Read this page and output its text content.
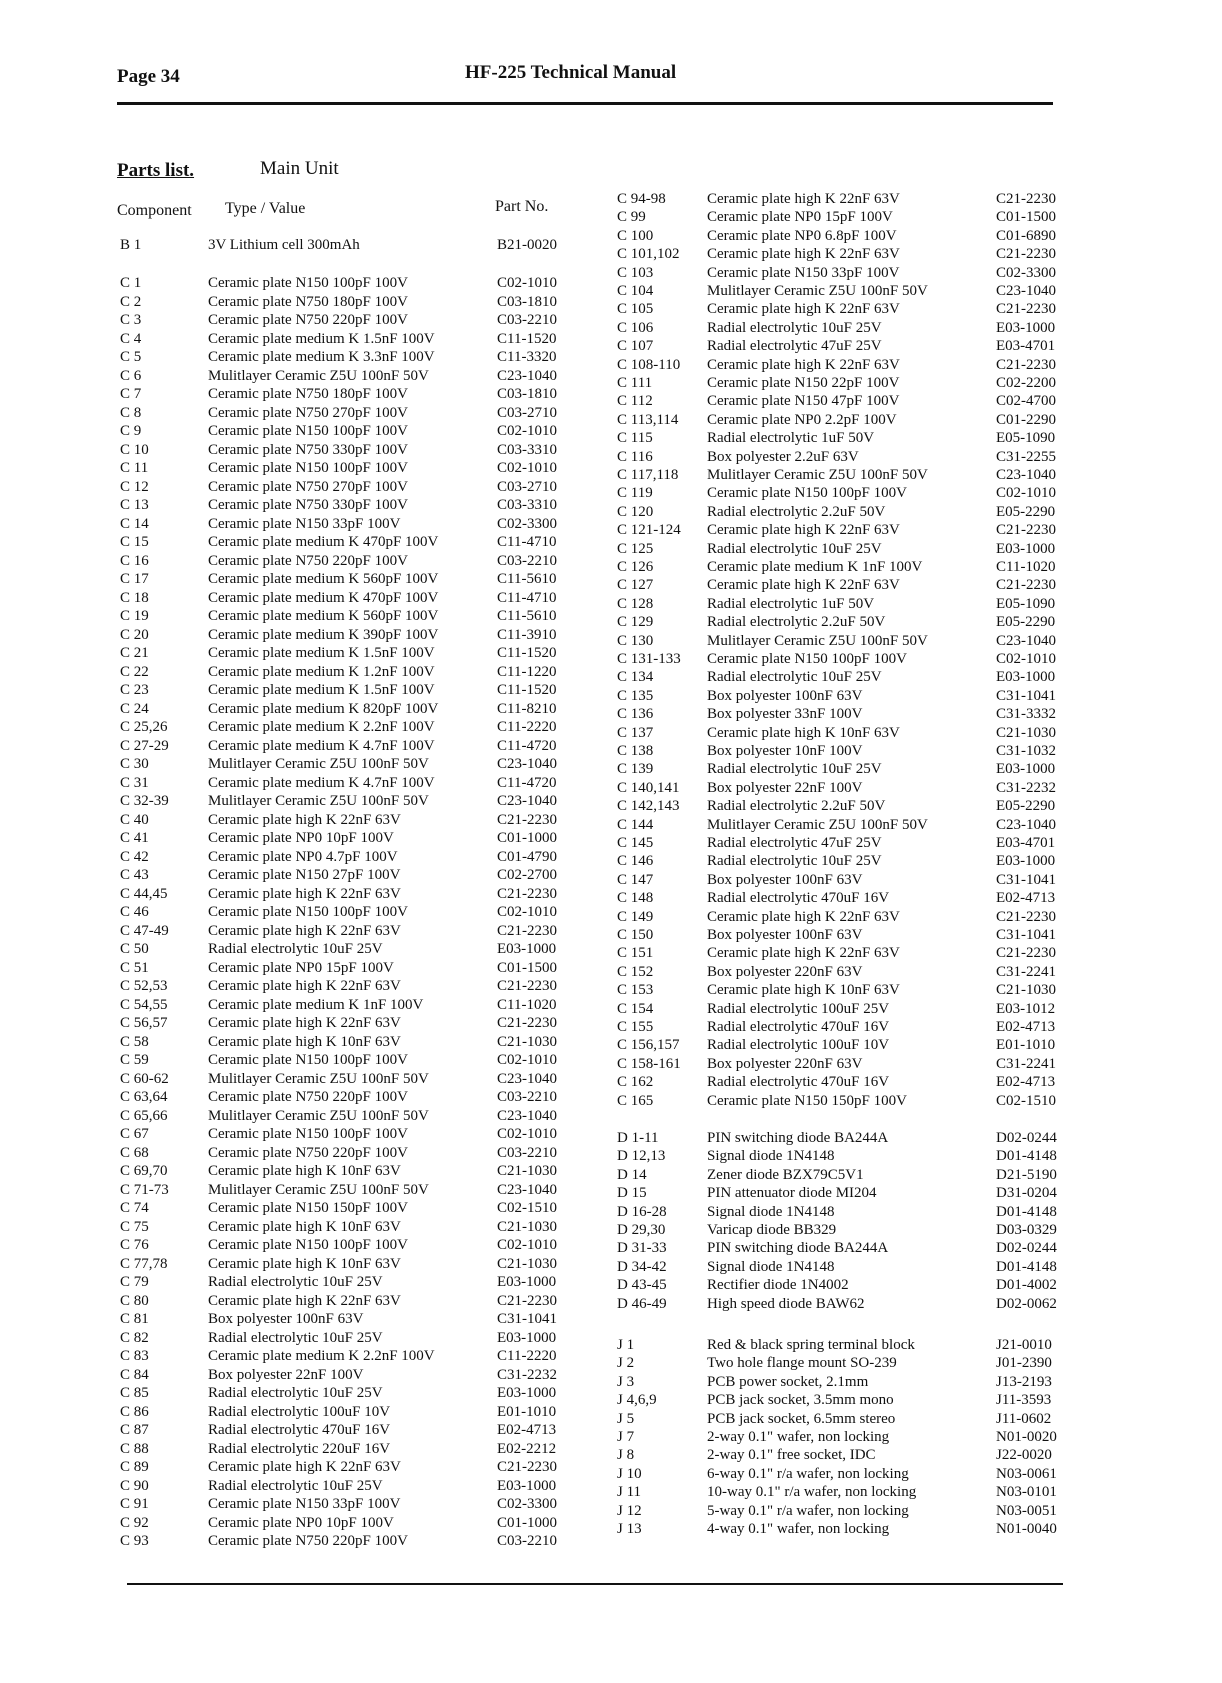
Page 34	HF-225 Technical Manual
Parts list.	Main Unit
Component Type / Value	Part No.
B 1	3V Lithium cell 300mAh	B21-0020
C 1	Ceramic plate N150 100pF 100V	C02-1010
C 2	Ceramic plate N750 180pF 100V	C03-1810
C 3	Ceramic plate N750 220pF 100V	C03-2210
C 4	Ceramic plate medium K 1.5nF 100V	C11-1520
C 5	Ceramic plate medium K 3.3nF 100V	C11-3320
C 6	Mulitlayer Ceramic Z5U 100nF 50V	C23-1040
C 7	Ceramic plate N750 180pF 100V	C03-1810
C 8	Ceramic plate N750 270pF 100V	C03-2710
C 9	Ceramic plate N150 100pF 100V	C02-1010
C 10	Ceramic plate N750 330pF 100V	C03-3310
C 11	Ceramic plate N150 100pF 100V	C02-1010
C 12	Ceramic plate N750 270pF 100V	C03-2710
C 13	Ceramic plate N750 330pF 100V	C03-3310
C 14	Ceramic plate N150 33pF 100V	C02-3300
C 15	Ceramic plate medium K 470pF 100V	C11-4710
C 16	Ceramic plate N750 220pF 100V	C03-2210
C 17	Ceramic plate medium K 560pF 100V	C11-5610
C 18	Ceramic plate medium K 470pF 100V	C11-4710
C 19	Ceramic plate medium K 560pF 100V	C11-5610
C 20	Ceramic plate medium K 390pF 100V	C11-3910
C 21	Ceramic plate medium K 1.5nF 100V	C11-1520
C 22	Ceramic plate medium K 1.2nF 100V	C11-1220
C 23	Ceramic plate medium K 1.5nF 100V	C11-1520
C 24	Ceramic plate medium K 820pF 100V	C11-8210
C 25,26	Ceramic plate medium K 2.2nF 100V	C11-2220
C 27-29	Ceramic plate medium K 4.7nF 100V	C11-4720
C 30	Mulitlayer Ceramic Z5U 100nF 50V	C23-1040
C 31	Ceramic plate medium K 4.7nF 100V	C11-4720
C 32-39	Mulitlayer Ceramic Z5U 100nF 50V	C23-1040
C 40	Ceramic plate high K 22nF 63V	C21-2230
C 41	Ceramic plate NP0 10pF 100V	C01-1000
C 42	Ceramic plate NP0 4.7pF 100V	C01-4790
C 43	Ceramic plate N150 27pF 100V	C02-2700
C 44,45	Ceramic plate high K 22nF 63V	C21-2230
C 46	Ceramic plate N150 100pF 100V	C02-1010
C 47-49	Ceramic plate high K 22nF 63V	C21-2230
C 50	Radial electrolytic 10uF 25V	E03-1000
C 51	Ceramic plate NP0 15pF 100V	C01-1500
C 52,53	Ceramic plate high K 22nF 63V	C21-2230
C 54,55	Ceramic plate medium K 1nF 100V	C11-1020
C 56,57	Ceramic plate high K 22nF 63V	C21-2230
C 58	Ceramic plate high K 10nF 63V	C21-1030
C 59	Ceramic plate N150 100pF 100V	C02-1010
C 60-62	Mulitlayer Ceramic Z5U 100nF 50V	C23-1040
C 63,64	Ceramic plate N750 220pF 100V	C03-2210
C 65,66	Mulitlayer Ceramic Z5U 100nF 50V	C23-1040
C 67	Ceramic plate N150 100pF 100V	C02-1010
C 68	Ceramic plate N750 220pF 100V	C03-2210
C 69,70	Ceramic plate high K 10nF 63V	C21-1030
C 71-73	Mulitlayer Ceramic Z5U 100nF 50V	C23-1040
C 74	Ceramic plate N150 150pF 100V	C02-1510
C 75	Ceramic plate high K 10nF 63V	C21-1030
C 76	Ceramic plate N150 100pF 100V	C02-1010
C 77,78	Ceramic plate high K 10nF 63V	C21-1030
C 79	Radial electrolytic 10uF 25V	E03-1000
C 80	Ceramic plate high K 22nF 63V	C21-2230
C 81	Box polyester 100nF 63V	C31-1041
C 82	Radial electrolytic 10uF 25V	E03-1000
C 83	Ceramic plate medium K 2.2nF 100V	C11-2220
C 84	Box polyester 22nF 100V	C31-2232
C 85	Radial electrolytic 10uF 25V	E03-1000
C 86	Radial electrolytic 100uF 10V	E01-1010
C 87	Radial electrolytic 470uF 16V	E02-4713
C 88	Radial electrolytic 220uF 16V	E02-2212
C 89	Ceramic plate high K 22nF 63V	C21-2230
C 90	Radial electrolytic 10uF 25V	E03-1000
C 91	Ceramic plate N150 33pF 100V	C02-3300
C 92	Ceramic plate NP0 10pF 100V	C01-1000
C 93	Ceramic plate N750 220pF 100V	C03-2210
C 94-98	Ceramic plate high K 22nF 63V	C21-2230
C 99	Ceramic plate NP0 15pF 100V	C01-1500
C 100	Ceramic plate NP0 6.8pF 100V	C01-6890
C 101,102 Ceramic plate high K 22nF 63V	C21-2230
C 103	Ceramic plate N150 33pF 100V	C02-3300
C 104	Mulitlayer Ceramic Z5U 100nF 50V	C23-1040
C 105	Ceramic plate high K 22nF 63V	C21-2230
C 106	Radial electrolytic 10uF 25V	E03-1000
C 107	Radial electrolytic 47uF 25V	E03-4701
C 108-110 Ceramic plate high K 22nF 63V	C21-2230
C 111	Ceramic plate N150 22pF 100V	C02-2200
C 112	Ceramic plate N150 47pF 100V	C02-4700
C 113,114 Ceramic plate NP0 2.2pF 100V	C01-2290
C 115	Radial electrolytic 1uF 50V	E05-1090
C 116	Box polyester 2.2uF 63V	C31-2255
C 117,118 Mulitlayer Ceramic Z5U 100nF 50V	C23-1040
C 119	Ceramic plate N150 100pF 100V	C02-1010
C 120	Radial electrolytic 2.2uF 50V	E05-2290
C 121-124 Ceramic plate high K 22nF 63V	C21-2230
C 125	Radial electrolytic 10uF 25V	E03-1000
C 126	Ceramic plate medium K 1nF 100V	C11-1020
C 127	Ceramic plate high K 22nF 63V	C21-2230
C 128	Radial electrolytic 1uF 50V	E05-1090
C 129	Radial electrolytic 2.2uF 50V	E05-2290
C 130	Mulitlayer Ceramic Z5U 100nF 50V	C23-1040
C 131-133 Ceramic plate N150 100pF 100V	C02-1010
C 134	Radial electrolytic 10uF 25V	E03-1000
C 135	Box polyester 100nF 63V	C31-1041
C 136	Box polyester 33nF 100V	C31-3332
C 137	Ceramic plate high K 10nF 63V	C21-1030
C 138	Box polyester 10nF 100V	C31-1032
C 139	Radial electrolytic 10uF 25V	E03-1000
C 140,141 Box polyester 22nF 100V	C31-2232
C 142,143 Radial electrolytic 2.2uF 50V	E05-2290
C 144	Mulitlayer Ceramic Z5U 100nF 50V	C23-1040
C 145	Radial electrolytic 47uF 25V	E03-4701
C 146	Radial electrolytic 10uF 25V	E03-1000
C 147	Box polyester 100nF 63V	C31-1041
C 148	Radial electrolytic 470uF 16V	E02-4713
C 149	Ceramic plate high K 22nF 63V	C21-2230
C 150	Box polyester 100nF 63V	C31-1041
C 151	Ceramic plate high K 22nF 63V	C21-2230
C 152	Box polyester 220nF 63V	C31-2241
C 153	Ceramic plate high K 10nF 63V	C21-1030
C 154	Radial electrolytic 100uF 25V	E03-1012
C 155	Radial electrolytic 470uF 16V	E02-4713
C 156,157 Radial electrolytic 100uF 10V	E01-1010
C 158-161 Box polyester 220nF 63V	C31-2241
C 162	Radial electrolytic 470uF 16V	E02-4713
C 165	Ceramic plate N150 150pF 100V	C02-1510
D 1-11	PIN switching diode BA244A	D02-0244
D 12,13	Signal diode 1N4148	D01-4148
D 14	Zener diode BZX79C5V1	D21-5190
D 15	PIN attenuator diode MI204	D31-0204
D 16-28	Signal diode 1N4148	D01-4148
D 29,30	Varicap diode BB329	D03-0329
D 31-33	PIN switching diode BA244A	D02-0244
D 34-42	Signal diode 1N4148	D01-4148
D 43-45	Rectifier diode 1N4002	D01-4002
D 46-49	High speed diode BAW62	D02-0062
J 1	Red & black spring terminal block	J21-0010
J 2	Two hole flange mount SO-239	J01-2390
J 3	PCB power socket, 2.1mm	J13-2193
J 4,6,9	PCB jack socket, 3.5mm mono	J11-3593
J 5	PCB jack socket, 6.5mm stereo	J11-0602
J 7	2-way 0.1" wafer, non locking	N01-0020
J 8	2-way 0.1" free socket, IDC	J22-0020
J 10	6-way 0.1" r/a wafer, non locking	N03-0061
J 11	10-way 0.1" r/a wafer, non locking	N03-0101
J 12	5-way 0.1" r/a wafer, non locking	N03-0051
J 13	4-way 0.1" wafer, non locking	N01-0040
